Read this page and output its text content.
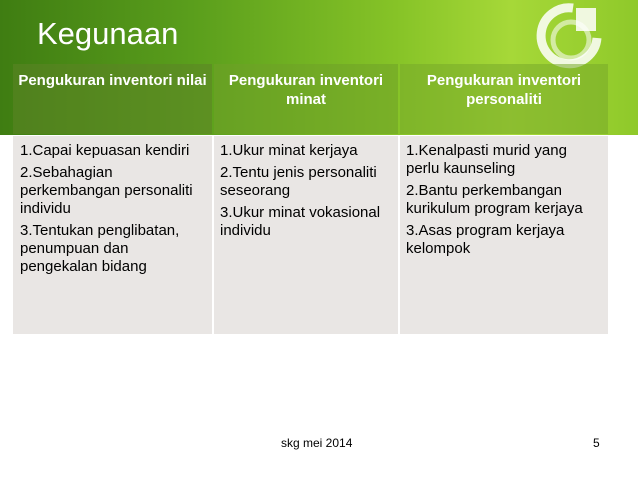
Kegunaan
Pengukuran inventori nilai	Pengukuran inventori minat
Pengukuran inventori personaliti
1.Capai kepuasan kendiri
2.Sebahagian perkembangan personaliti individu
3.Tentukan penglibatan, penumpuan dan pengekalan bidang
1.Ukur minat kerjaya
2.Tentu jenis personaliti seseorang
3.Ukur minat vokasional individu
1.Kenalpasti murid yang perlu kaunseling
2.Bantu perkembangan kurikulum program kerjaya
3.Asas program kerjaya kelompok
skg mei 2014	5
